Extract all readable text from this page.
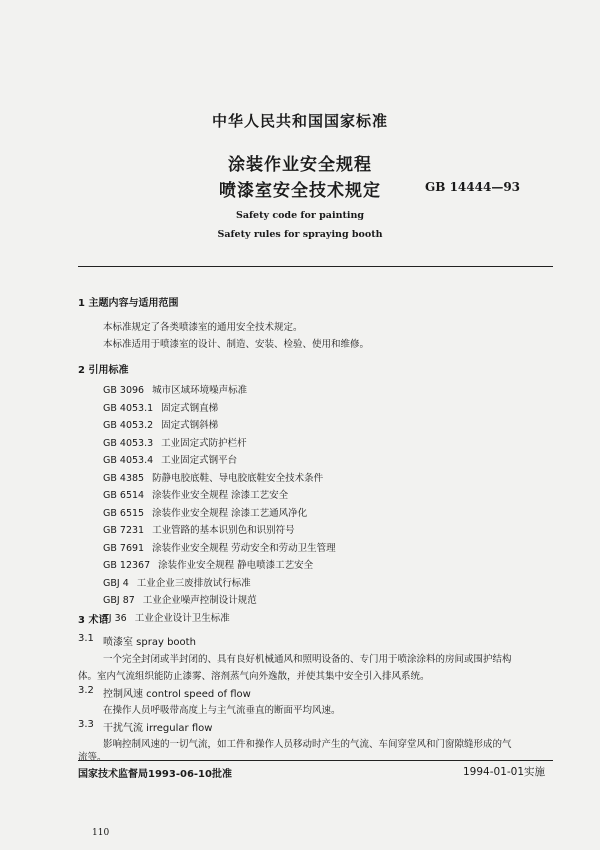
中华人民共和国国家标准
涂装作业安全规程
喷漆室安全技术规定	GB 14444—93
Safety code for painting
Safety rules for spraying booth
1 主题内容与适用范围
本标准规定了各类喷漆室的通用安全技术规定。
本标准适用于喷漆室的设计、制造、安装、检验、使用和维修。
2 引用标准
GB 3096 城市区域环境噪声标准
GB 4053.1 固定式钢直梯
GB 4053.2 固定式钢斜梯
GB 4053.3 工业固定式防护栏杆
GB 4053.4 工业固定式钢平台
GB 4385 防静电胶底鞋、导电胶底鞋安全技术条件
GB 6514 涂装作业安全规程 涂漆工艺安全
GB 6515 涂装作业安全规程 涂漆工艺通风净化
GB 7231 工业管路的基本识别色和识别符号
GB 7691 涂装作业安全规程 劳动安全和劳动卫生管理
GB 12367 涂装作业安全规程 静电喷漆工艺安全
GBJ 4 工业企业三废排放试行标准
GBJ 87 工业企业噪声控制设计规范
TJ 36 工业企业设计卫生标准
3 术语
3.1 喷漆室 spray booth
一个完全封闭或半封闭的、具有良好机械通风和照明设备的、专门用于喷涂涂料的房间或围护结构
体。室内气流组织能防止漆雾、溶剂蒸气向外逸散，并使其集中安全引入排风系统。
3.2 控制风速 control speed of flow
在操作人员呼吸带高度上与主气流垂直的断面平均风速。
3.3 干扰气流 irregular flow
影响控制风速的一切气流，如工件和操作人员移动时产生的气流、车间穿堂风和门窗隙缝形成的气
流等。
国家技术监督局1993-06-10批准	1994-01-01实施
110
